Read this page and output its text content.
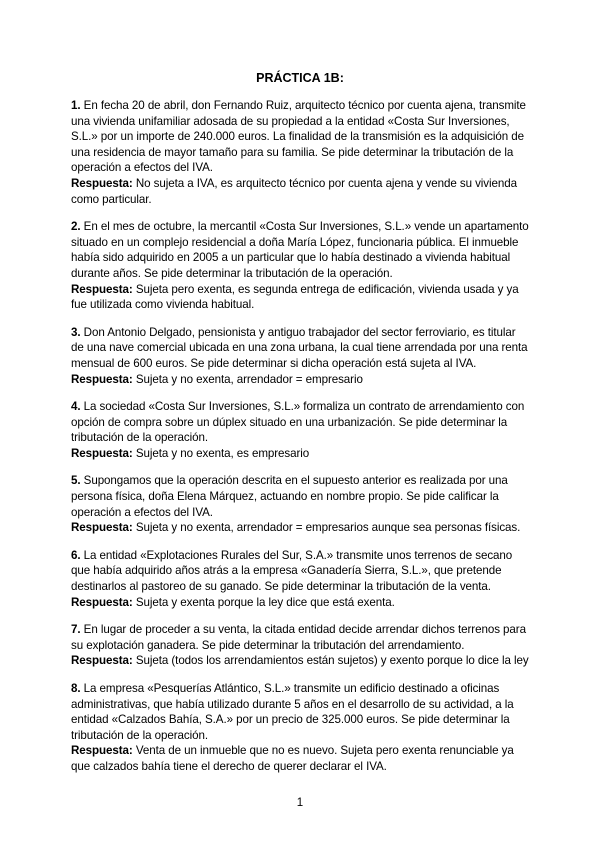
PRÁCTICA 1B:

1. En fecha 20 de abril, don Fernando Ruiz, arquitecto técnico por cuenta ajena, transmite una vivienda unifamiliar adosada de su propiedad a la entidad «Costa Sur Inversiones, S.L.» por un importe de 240.000 euros. La finalidad de la transmisión es la adquisición de una residencia de mayor tamaño para su familia. Se pide determinar la tributación de la operación a efectos del IVA.

Respuesta: No sujeta a IVA, es arquitecto técnico por cuenta ajena y vende su vivienda como particular.

2. En el mes de octubre, la mercantil «Costa Sur Inversiones, S.L.» vende un apartamento situado en un complejo residencial a doña María López, funcionaria pública. El inmueble había sido adquirido en 2005 a un particular que lo había destinado a vivienda habitual durante años. Se pide determinar la tributación de la operación.

Respuesta: Sujeta pero exenta, es segunda entrega de edificación, vivienda usada y ya fue utilizada como vivienda habitual.

3. Don Antonio Delgado, pensionista y antiguo trabajador del sector ferroviario, es titular de una nave comercial ubicada en una zona urbana, la cual tiene arrendada por una renta mensual de 600 euros. Se pide determinar si dicha operación está sujeta al IVA.

Respuesta: Sujeta y no exenta, arrendador = empresario

4. La sociedad «Costa Sur Inversiones, S.L.» formaliza un contrato de arrendamiento con opción de compra sobre un dúplex situado en una urbanización. Se pide determinar la tributación de la operación.

Respuesta: Sujeta y no exenta, es empresario

5. Supongamos que la operación descrita en el supuesto anterior es realizada por una persona física, doña Elena Márquez, actuando en nombre propio. Se pide calificar la operación a efectos del IVA.

Respuesta: Sujeta y no exenta, arrendador = empresarios aunque sea personas físicas.

6. La entidad «Explotaciones Rurales del Sur, S.A.» transmite unos terrenos de secano que había adquirido años atrás a la empresa «Ganadería Sierra, S.L.», que pretende destinarlos al pastoreo de su ganado. Se pide determinar la tributación de la venta.

Respuesta: Sujeta y exenta porque la ley dice que está exenta.

7. En lugar de proceder a su venta, la citada entidad decide arrendar dichos terrenos para su explotación ganadera. Se pide determinar la tributación del arrendamiento.

Respuesta: Sujeta (todos los arrendamientos están sujetos) y exento porque lo dice la ley

8. La empresa «Pesquerías Atlántico, S.L.» transmite un edificio destinado a oficinas administrativas, que había utilizado durante 5 años en el desarrollo de su actividad, a la entidad «Calzados Bahía, S.A.» por un precio de 325.000 euros. Se pide determinar la tributación de la operación.

Respuesta: Venta de un inmueble que no es nuevo. Sujeta pero exenta renunciable ya que calzados bahía tiene el derecho de querer declarar el IVA.

1
